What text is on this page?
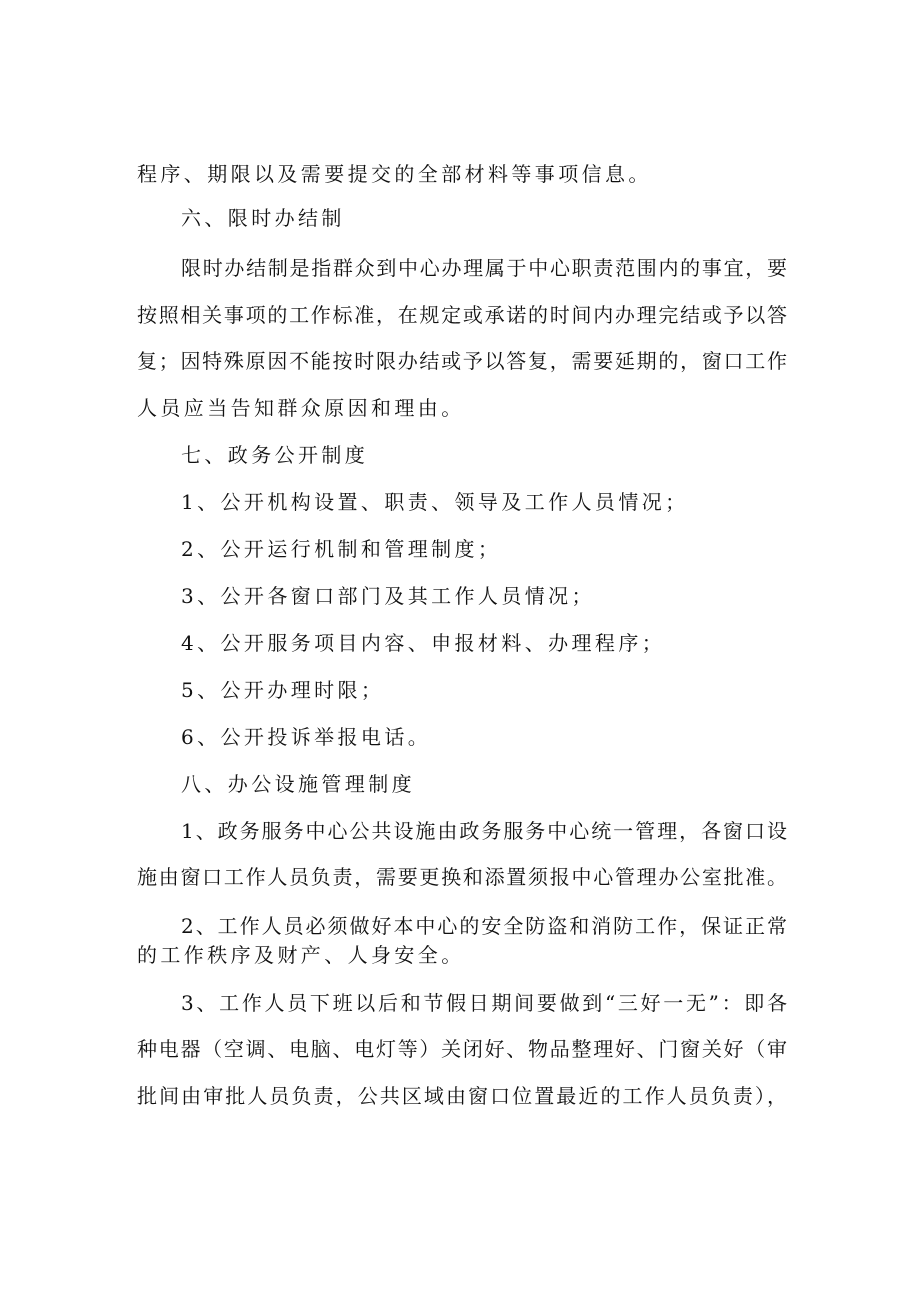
程序、期限以及需要提交的全部材料等事项信息。
六、限时办结制
限时办结制是指群众到中心办理属于中心职责范围内的事宜，要
按照相关事项的工作标准，在规定或承诺的时间内办理完结或予以答
复；因特殊原因不能按时限办结或予以答复，需要延期的，窗口工作
人员应当告知群众原因和理由。
七、政务公开制度
1、公开机构设置、职责、领导及工作人员情况；
2、公开运行机制和管理制度；
3、公开各窗口部门及其工作人员情况；
4、公开服务项目内容、申报材料、办理程序；
5、公开办理时限；
6、公开投诉举报电话。
八、办公设施管理制度
1、政务服务中心公共设施由政务服务中心统一管理，各窗口设
施由窗口工作人员负责，需要更换和添置须报中心管理办公室批准。
2、工作人员必须做好本中心的安全防盗和消防工作，保证正常
的工作秩序及财产、人身安全。
3、工作人员下班以后和节假日期间要做到“三好一无”：即各
种电器（空调、电脑、电灯等）关闭好、物品整理好、门窗关好（审
批间由审批人员负责，公共区域由窗口位置最近的工作人员负责），
